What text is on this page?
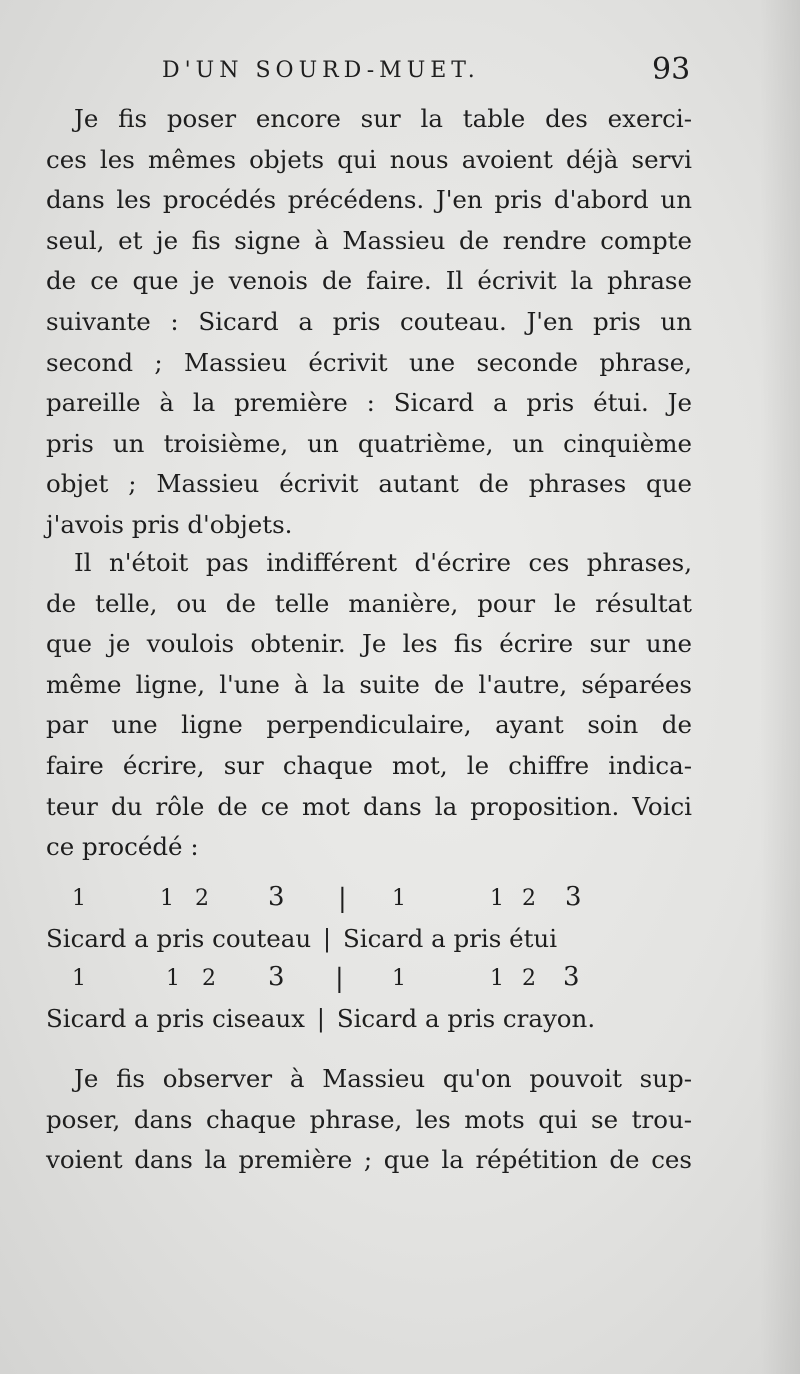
D'UN SOURD-MUET.	93
Je fis poser encore sur la table des exerci-
ces les mêmes objets qui nous avoient déjà servi
dans les procédés précédens. J'en pris d'abord un
seul, et je fis signe à Massieu de rendre compte
de ce que je venois de faire. Il écrivit la phrase
suivante : Sicard a pris couteau. J'en pris un
second ; Massieu écrivit une seconde phrase,
pareille à la première : Sicard a pris étui. Je
pris un troisième, un quatrième, un cinquième
objet ; Massieu écrivit autant de phrases que
j'avois pris d'objets.
Il n'étoit pas indifférent d'écrire ces phrases,
de telle, ou de telle manière, pour le résultat
que je voulois obtenir. Je les fis écrire sur une
même ligne, l'une à la suite de l'autre, séparées
par une ligne perpendiculaire, ayant soin de
faire écrire, sur chaque mot, le chiffre indica-
teur du rôle de ce mot dans la proposition. Voici
ce procédé :
1	1 2 3 | 1	1 2 3
Sicard a pris couteau | Sicard a pris étui
1	1 2 3 | 1	1 2 3
Sicard a pris ciseaux | Sicard a pris crayon.
Je fis observer à Massieu qu'on pouvoit sup-
poser, dans chaque phrase, les mots qui se trou-
voient dans la première ; que la répétition de ces
